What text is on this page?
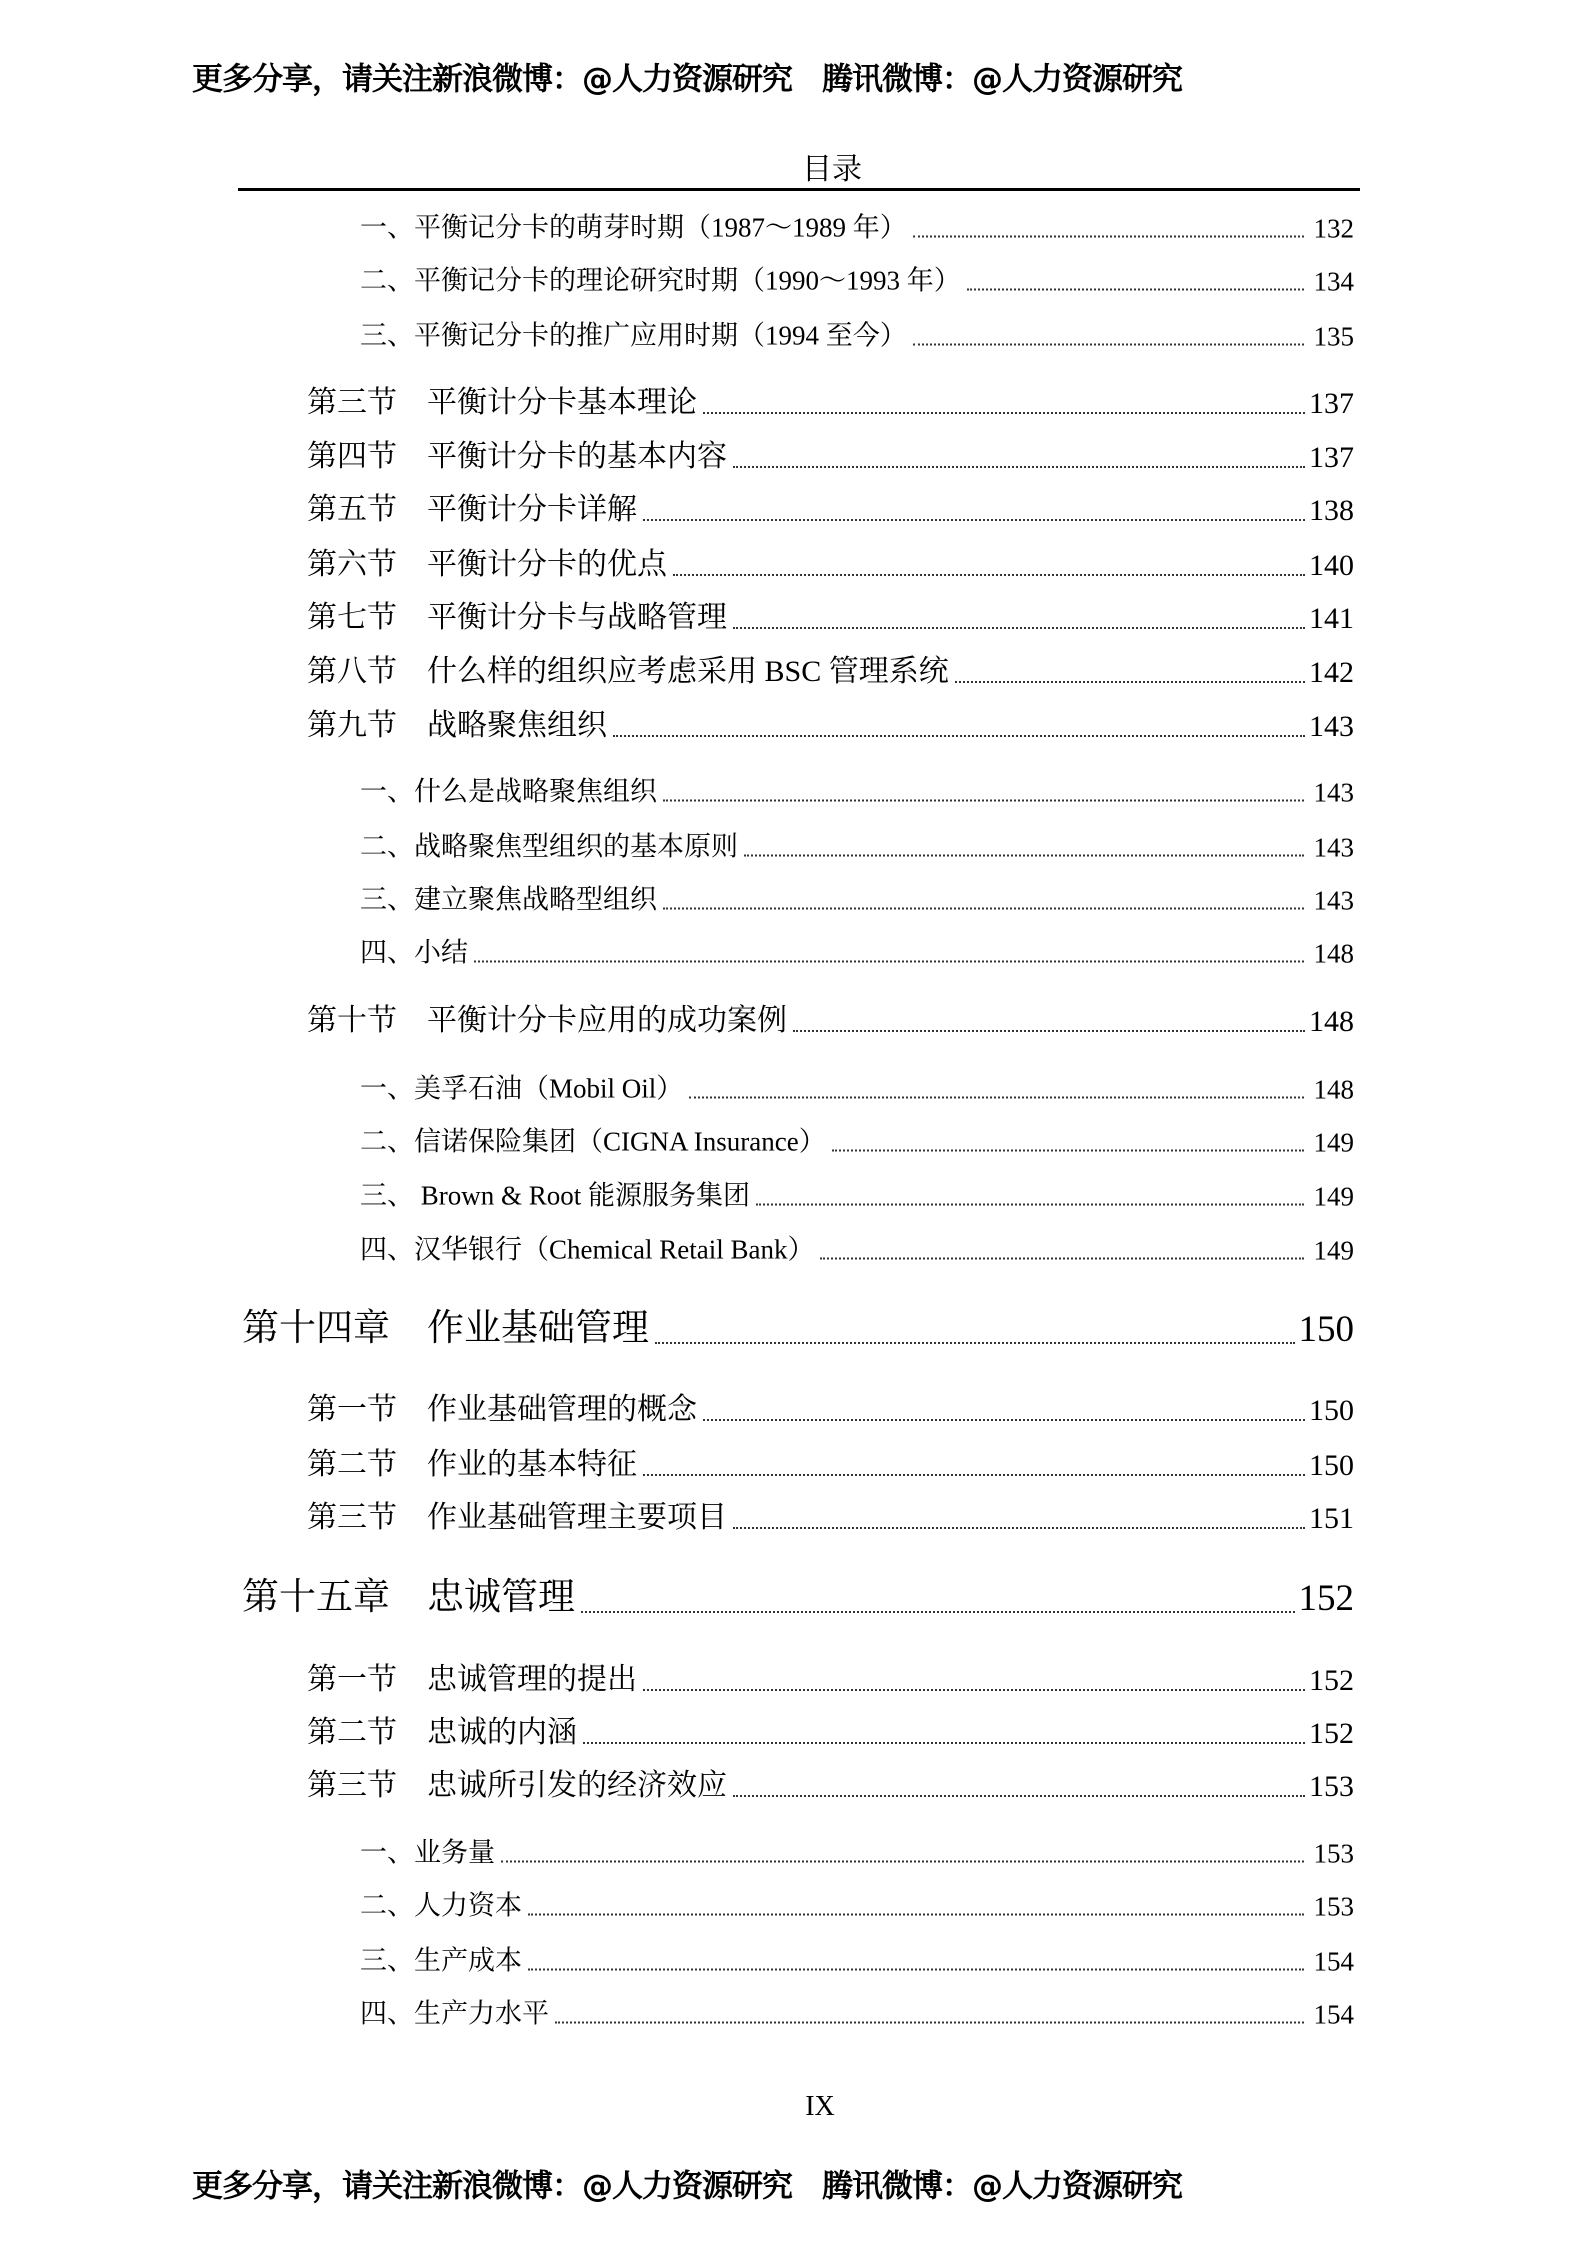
更多分享，请关注新浪微博：@人力资源研究　腾讯微博：@人力资源研究
目录
一、平衡记分卡的萌芽时期（1987～1989 年）	132
二、平衡记分卡的理论研究时期（1990～1993 年）	134
三、平衡记分卡的推广应用时期（1994 至今）	135
第三节　平衡计分卡基本理论	137
第四节　平衡计分卡的基本内容	137
第五节　平衡计分卡详解	138
第六节　平衡计分卡的优点	140
第七节　平衡计分卡与战略管理	141
第八节　什么样的组织应考虑采用 BSC 管理系统	142
第九节　战略聚焦组织	143
一、什么是战略聚焦组织	143
二、战略聚焦型组织的基本原则	143
三、建立聚焦战略型组织	143
四、小结	148
第十节　平衡计分卡应用的成功案例	148
一、美孚石油（Mobil Oil）	148
二、信诺保险集团（CIGNA Insurance）	149
三、 Brown & Root 能源服务集团	149
四、汉华银行（Chemical Retail Bank）	149
第十四章　作业基础管理	150
第一节　作业基础管理的概念	150
第二节　作业的基本特征	150
第三节　作业基础管理主要项目	151
第十五章　忠诚管理	152
第一节　忠诚管理的提出	152
第二节　忠诚的内涵	152
第三节　忠诚所引发的经济效应	153
一、业务量	153
二、人力资本	153
三、生产成本	154
四、生产力水平	154
IX
更多分享，请关注新浪微博：@人力资源研究　腾讯微博：@人力资源研究
